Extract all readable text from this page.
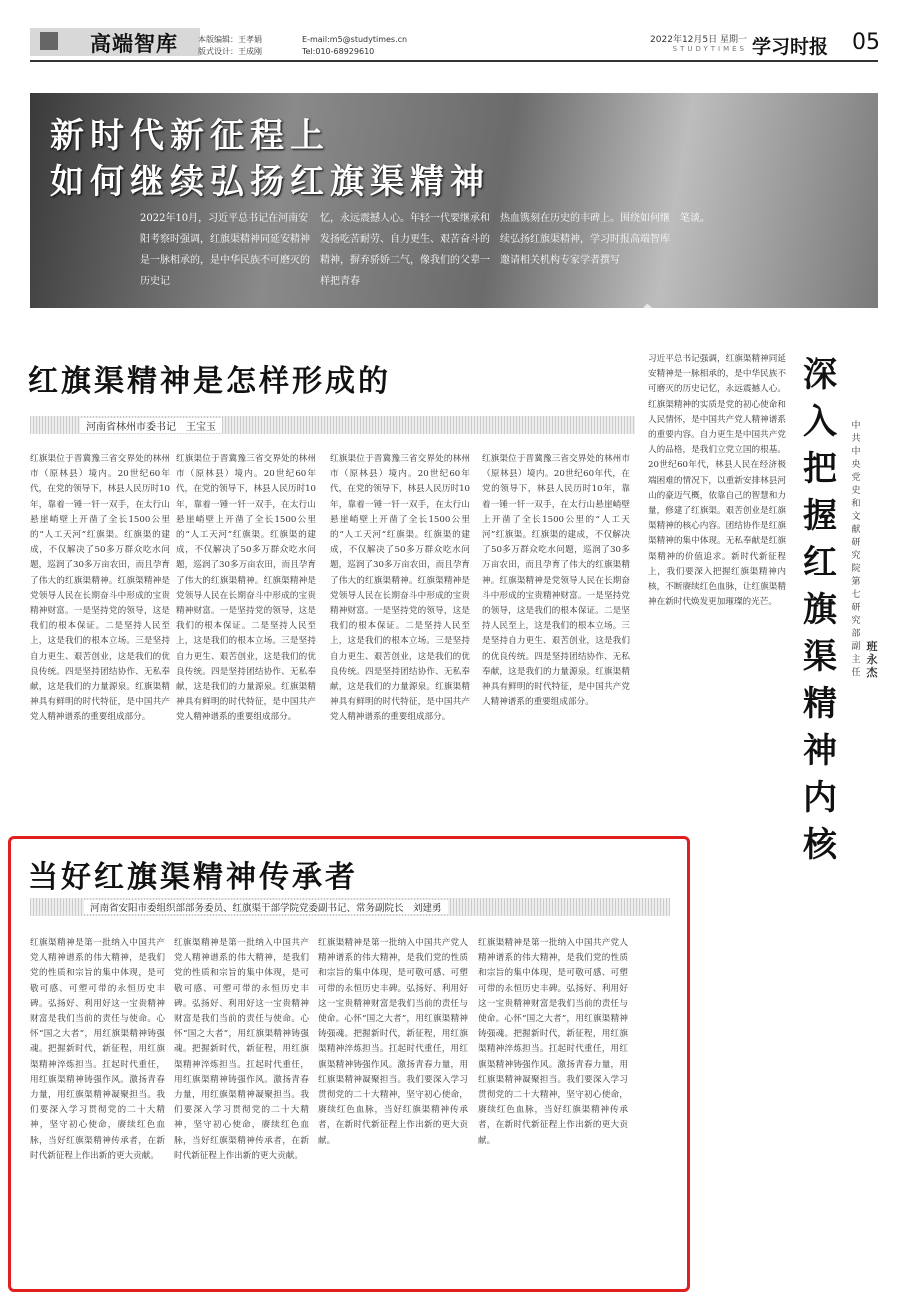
高端智库	本版编辑：王孝娟
版式设计：王成刚
E-mail:m5@studytimes.cn
Tel:010-68929610
2022年12月5日 星期一
STUDYTIMES 学习时报 05
新时代新征程上
如何继续弘扬红旗渠精神
2022年10月，习近平总书记在河南安阳考察时强调，红旗渠精神同延安精神是一脉相承的，是中华民族不可磨灭的历史记
忆，永远震撼人心。年轻一代要继承和发扬吃苦耐劳、自力更生、艰苦奋斗的精神，摒弃骄娇二气，像我们的父辈一样把青春
热血镌刻在历史的丰碑上。围绕如何继续弘扬红旗渠精神，学习时报高端智库邀请相关机构专家学者撰写
笔谈。
红旗渠精神是怎样形成的
河南省林州市委书记　王宝玉
红旗渠位于晋冀豫三省交界处的林州市（原林县）境内。20世纪60年代，在党的领导下，林县人民历时10年，靠着一锤一钎一双手，在太行山悬崖峭壁上开凿了全长1500公里的“人工天河”红旗渠。红旗渠的建成，不仅解决了50多万群众吃水问题，巡润了30多万亩农田，而且孕育了伟大的红旗渠精神。红旗渠精神是党领导人民在长期奋斗中形成的宝贵精神财富。一是坚持党的领导，这是我们的根本保证。二是坚持人民至上，这是我们的根本立场。三是坚持自力更生、艰苦创业，这是我们的优良传统。四是坚持团结协作、无私奉献，这是我们的力量源泉。红旗渠精神具有鲜明的时代特征，是中国共产党人精神谱系的重要组成部分。
红旗渠位于晋冀豫三省交界处的林州市（原林县）境内。20世纪60年代，在党的领导下，林县人民历时10年，靠着一锤一钎一双手，在太行山悬崖峭壁上开凿了全长1500公里的“人工天河”红旗渠。红旗渠的建成，不仅解决了50多万群众吃水问题，巡润了30多万亩农田，而且孕育了伟大的红旗渠精神。红旗渠精神是党领导人民在长期奋斗中形成的宝贵精神财富。一是坚持党的领导，这是我们的根本保证。二是坚持人民至上，这是我们的根本立场。三是坚持自力更生、艰苦创业，这是我们的优良传统。四是坚持团结协作、无私奉献，这是我们的力量源泉。红旗渠精神具有鲜明的时代特征，是中国共产党人精神谱系的重要组成部分。
红旗渠位于晋冀豫三省交界处的林州市（原林县）境内。20世纪60年代，在党的领导下，林县人民历时10年，靠着一锤一钎一双手，在太行山悬崖峭壁上开凿了全长1500公里的“人工天河”红旗渠。红旗渠的建成，不仅解决了50多万群众吃水问题，巡润了30多万亩农田，而且孕育了伟大的红旗渠精神。红旗渠精神是党领导人民在长期奋斗中形成的宝贵精神财富。一是坚持党的领导，这是我们的根本保证。二是坚持人民至上，这是我们的根本立场。三是坚持自力更生、艰苦创业，这是我们的优良传统。四是坚持团结协作、无私奉献，这是我们的力量源泉。红旗渠精神具有鲜明的时代特征，是中国共产党人精神谱系的重要组成部分。
红旗渠位于晋冀豫三省交界处的林州市（原林县）境内。20世纪60年代，在党的领导下，林县人民历时10年，靠着一锤一钎一双手，在太行山悬崖峭壁上开凿了全长1500公里的“人工天河”红旗渠。红旗渠的建成，不仅解决了50多万群众吃水问题，巡润了30多万亩农田，而且孕育了伟大的红旗渠精神。红旗渠精神是党领导人民在长期奋斗中形成的宝贵精神财富。一是坚持党的领导，这是我们的根本保证。二是坚持人民至上，这是我们的根本立场。三是坚持自力更生、艰苦创业，这是我们的优良传统。四是坚持团结协作、无私奉献，这是我们的力量源泉。红旗渠精神具有鲜明的时代特征，是中国共产党人精神谱系的重要组成部分。
习近平总书记强调，红旗渠精神同延安精神是一脉相承的，是中华民族不可磨灭的历史记忆，永远震撼人心。红旗渠精神的实质是党的初心使命和人民情怀，是中国共产党人精神谱系的重要内容。自力更生是中国共产党人的品格，是我们立党立国的根基。20世纪60年代，林县人民在经济极端困难的情况下，以重新安排林县河山的豪迈气概，依靠自己的智慧和力量，修建了红旗渠。艰苦创业是红旗渠精神的核心内容。团结协作是红旗渠精神的集中体现。无私奉献是红旗渠精神的价值追求。新时代新征程上，我们要深入把握红旗渠精神内核，不断赓续红色血脉，让红旗渠精神在新时代焕发更加璀璨的光芒。
深入把握红旗渠精神内核
中共中央党史和文献研究院第七研究部副主任
班永杰
当好红旗渠精神传承者
河南省安阳市委组织部部务委员、红旗渠干部学院党委副书记、常务副院长　刘建勇
红旗渠精神是第一批纳入中国共产党人精神谱系的伟大精神，是我们党的性质和宗旨的集中体现，是可敬可感、可塑可带的永恒历史丰碑。弘扬好、利用好这一宝贵精神财富是我们当前的责任与使命。心怀“国之大者”，用红旗渠精神铸强魂。把握新时代，新征程，用红旗渠精神淬炼担当。扛起时代重任，用红旗渠精神铸强作风。激扬青春力量，用红旗渠精神凝聚担当。我们要深入学习贯彻党的二十大精神，坚守初心使命，赓续红色血脉，当好红旗渠精神传承者，在新时代新征程上作出新的更大贡献。
红旗渠精神是第一批纳入中国共产党人精神谱系的伟大精神，是我们党的性质和宗旨的集中体现，是可敬可感、可塑可带的永恒历史丰碑。弘扬好、利用好这一宝贵精神财富是我们当前的责任与使命。心怀“国之大者”，用红旗渠精神铸强魂。把握新时代，新征程，用红旗渠精神淬炼担当。扛起时代重任，用红旗渠精神铸强作风。激扬青春力量，用红旗渠精神凝聚担当。我们要深入学习贯彻党的二十大精神，坚守初心使命，赓续红色血脉，当好红旗渠精神传承者，在新时代新征程上作出新的更大贡献。
红旗渠精神是第一批纳入中国共产党人精神谱系的伟大精神，是我们党的性质和宗旨的集中体现，是可敬可感、可塑可带的永恒历史丰碑。弘扬好、利用好这一宝贵精神财富是我们当前的责任与使命。心怀“国之大者”，用红旗渠精神铸强魂。把握新时代，新征程，用红旗渠精神淬炼担当。扛起时代重任，用红旗渠精神铸强作风。激扬青春力量，用红旗渠精神凝聚担当。我们要深入学习贯彻党的二十大精神，坚守初心使命，赓续红色血脉，当好红旗渠精神传承者，在新时代新征程上作出新的更大贡献。
红旗渠精神是第一批纳入中国共产党人精神谱系的伟大精神，是我们党的性质和宗旨的集中体现，是可敬可感、可塑可带的永恒历史丰碑。弘扬好、利用好这一宝贵精神财富是我们当前的责任与使命。心怀“国之大者”，用红旗渠精神铸强魂。把握新时代，新征程，用红旗渠精神淬炼担当。扛起时代重任，用红旗渠精神铸强作风。激扬青春力量，用红旗渠精神凝聚担当。我们要深入学习贯彻党的二十大精神，坚守初心使命，赓续红色血脉，当好红旗渠精神传承者，在新时代新征程上作出新的更大贡献。
